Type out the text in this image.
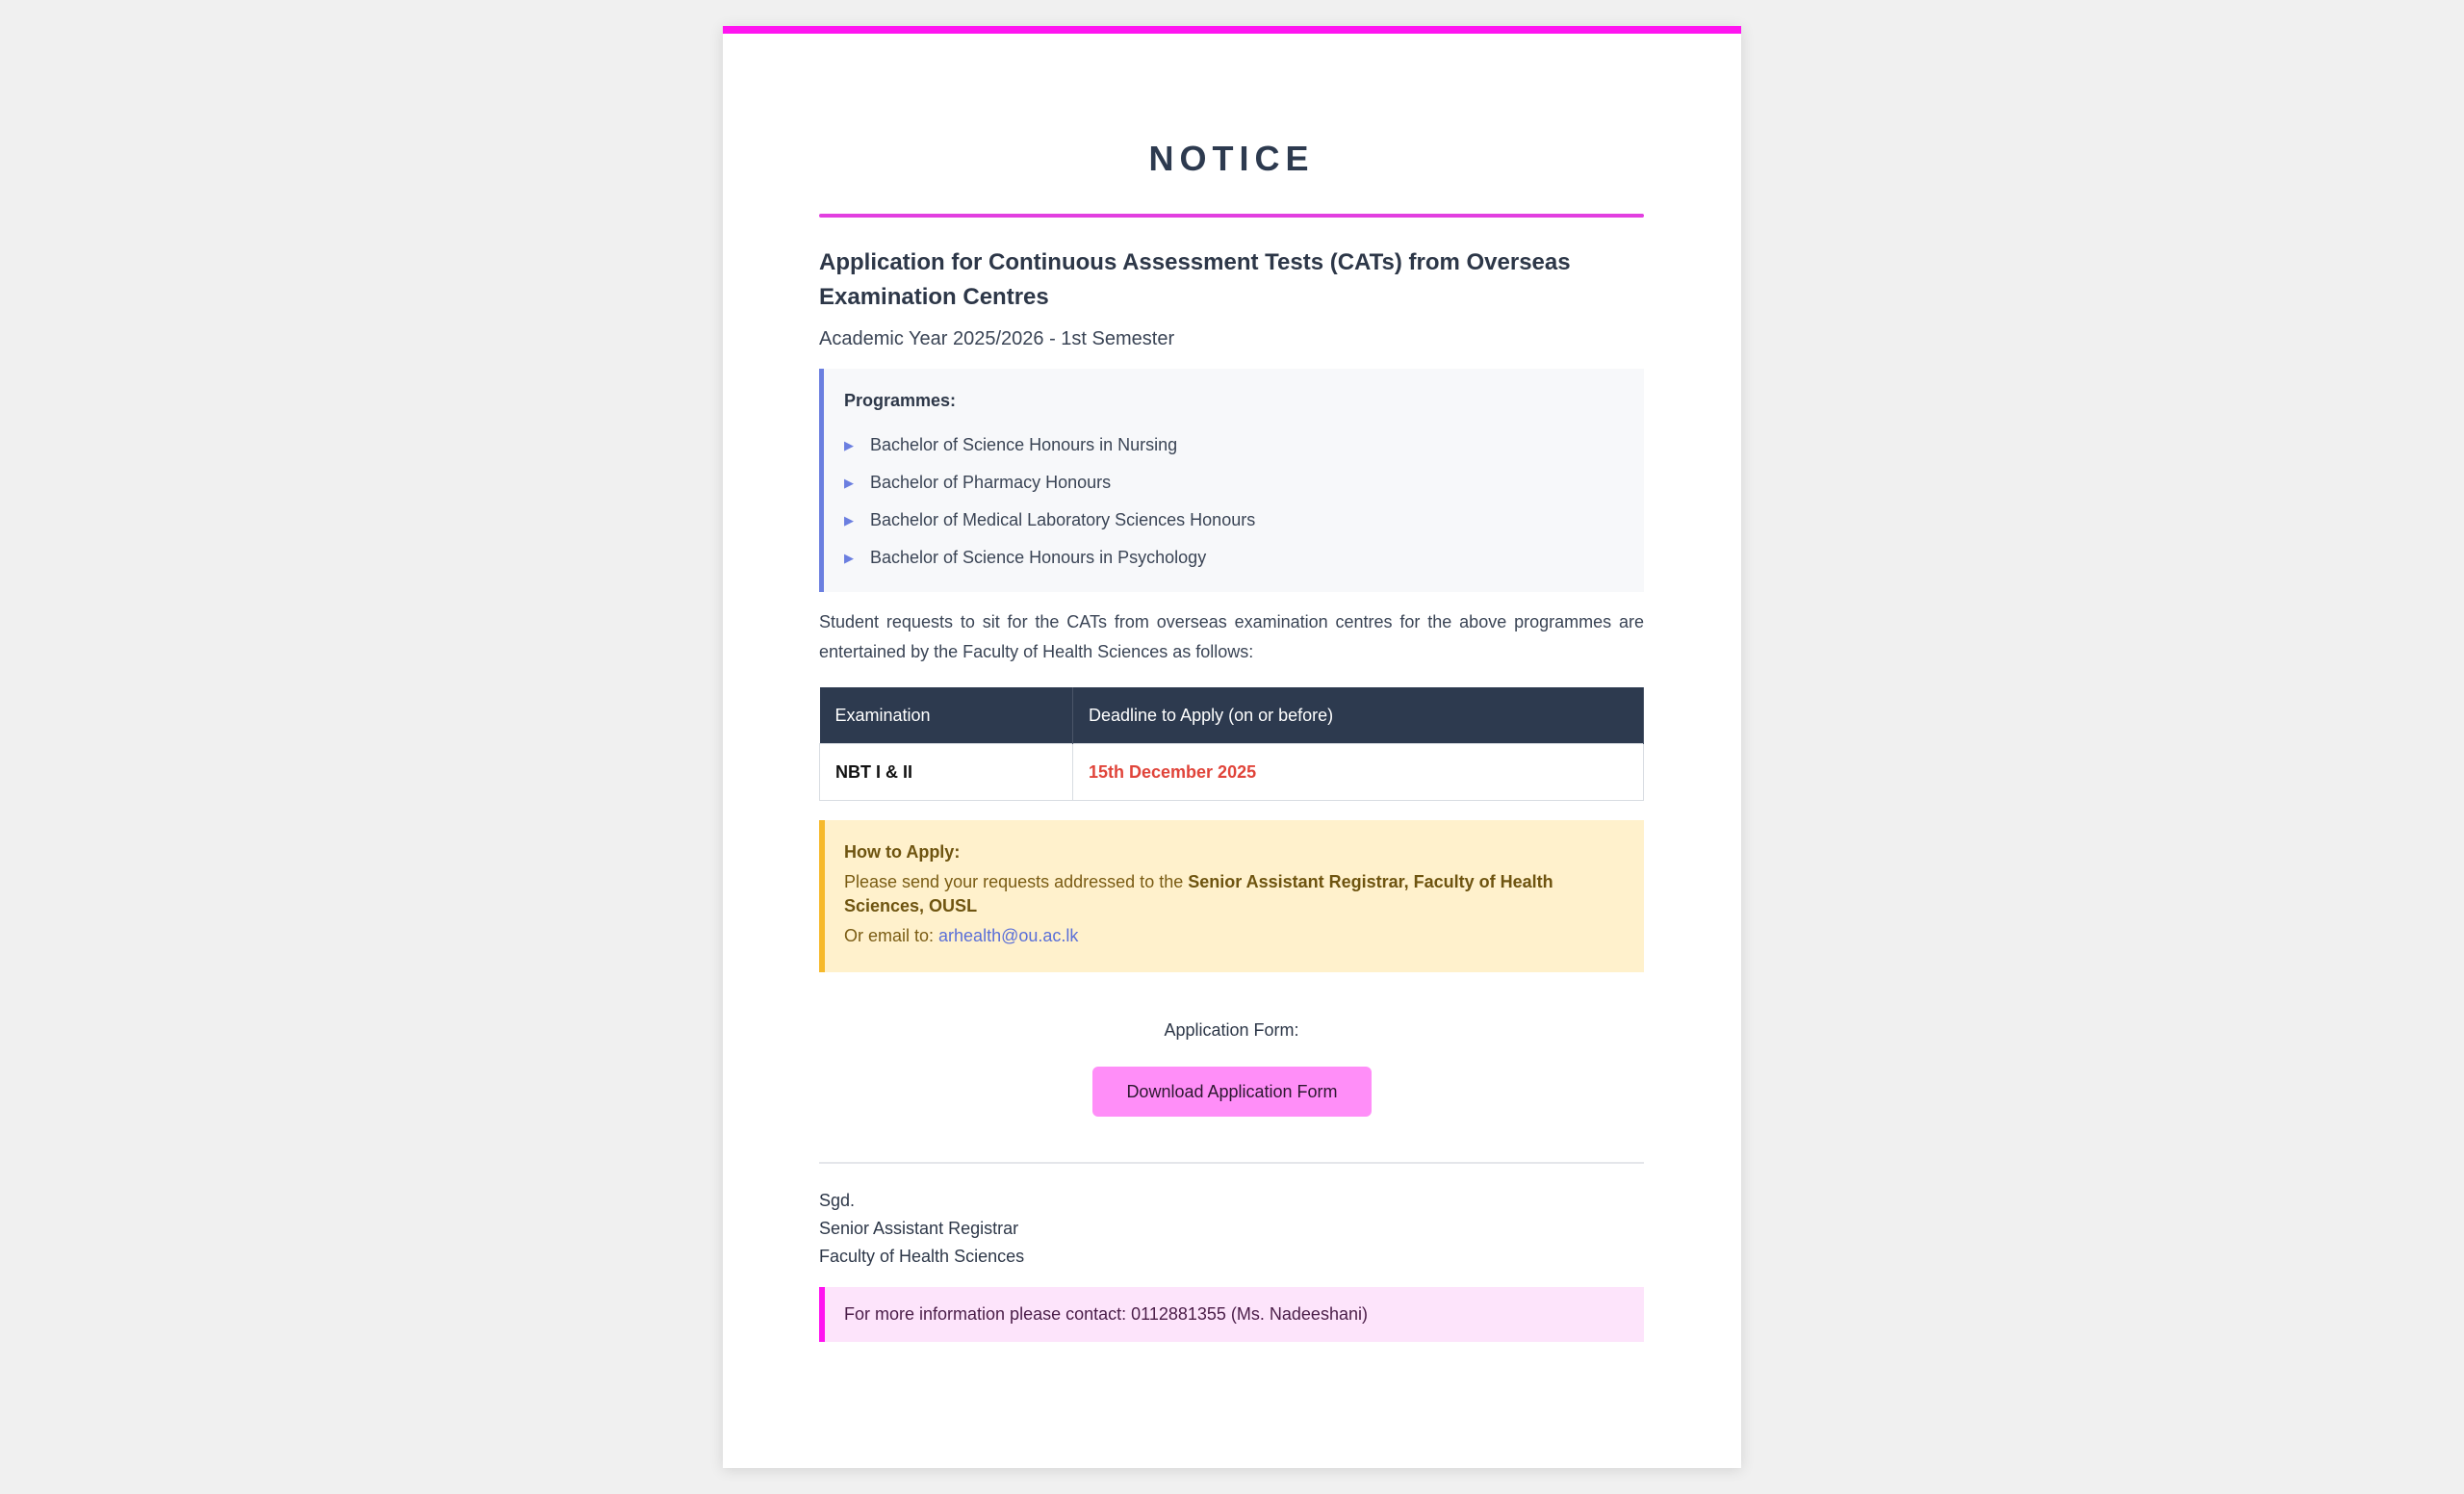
NOTICE
Application for Continuous Assessment Tests (CATs) from Overseas Examination Centres
Academic Year 2025/2026 - 1st Semester
Programmes:
▶ Bachelor of Science Honours in Nursing
▶ Bachelor of Pharmacy Honours
▶ Bachelor of Medical Laboratory Sciences Honours
▶ Bachelor of Science Honours in Psychology
Student requests to sit for the CATs from overseas examination centres for the above programmes are entertained by the Faculty of Health Sciences as follows:
Examination	Deadline to Apply (on or before)
NBT I & II	15th December 2025
How to Apply:
Please send your requests addressed to the Senior Assistant Registrar, Faculty of Health Sciences, OUSL
Or email to: arhealth@ou.ac.lk
Application Form:
Download Application Form
Sgd.
Senior Assistant Registrar
Faculty of Health Sciences
For more information please contact: 0112881355 (Ms. Nadeeshani)
